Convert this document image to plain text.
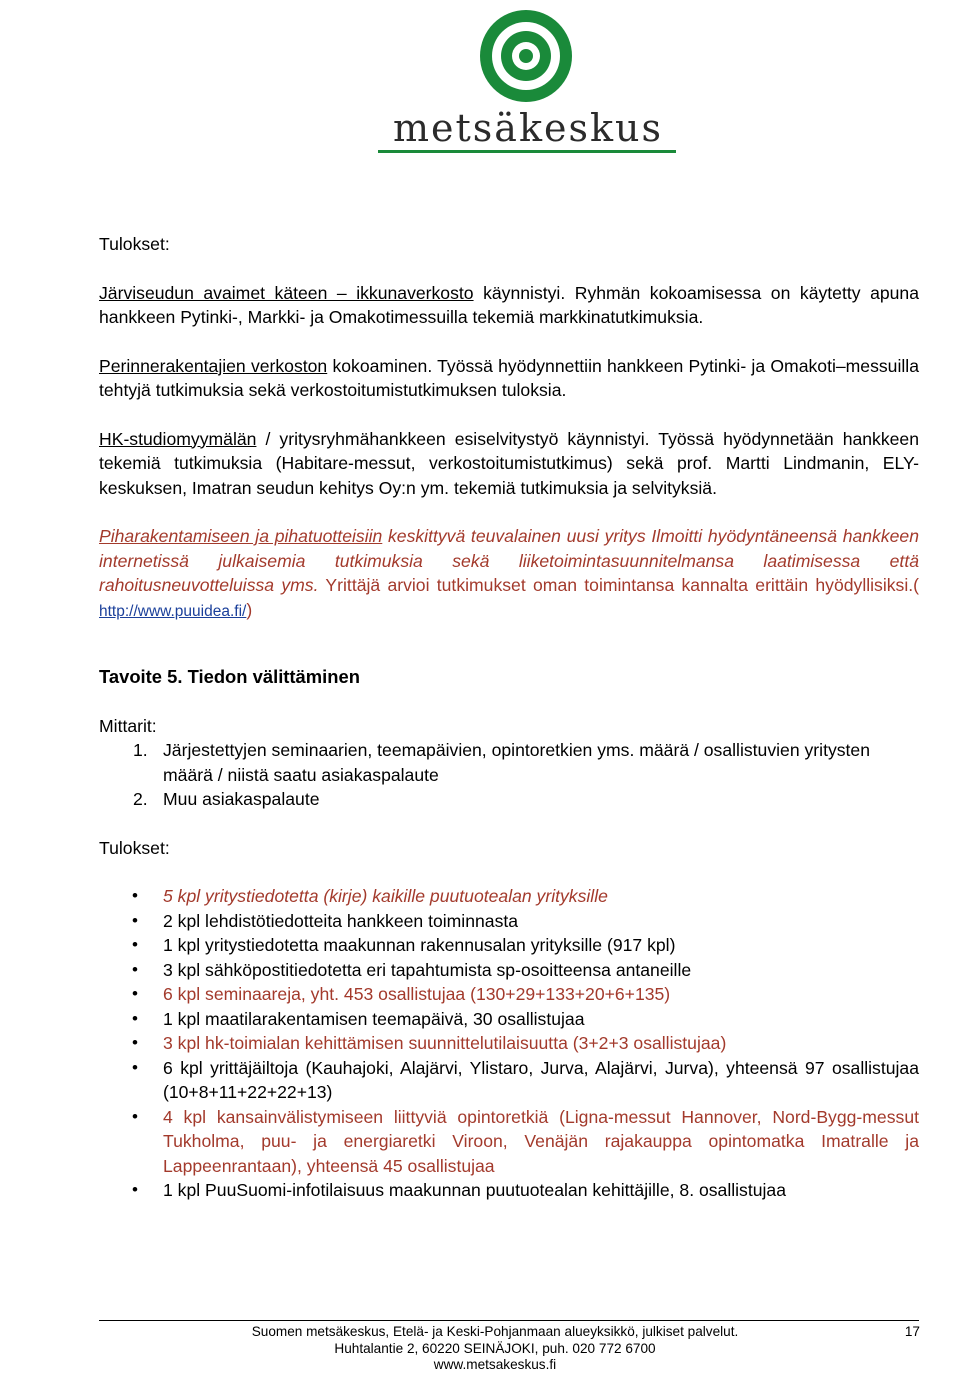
metsäkeskus

Tulokset:

Järviseudun avaimet käteen – ikkunaverkosto käynnistyi. Ryhmän kokoamisessa on käytetty apuna hankkeen Pytinki-, Markki- ja Omakotimessuilla tekemiä markkinatutkimuksia.

Perinnerakentajien verkoston kokoaminen. Työssä hyödynnettiin hankkeen Pytinki- ja Omakoti–messuilla tehtyjä tutkimuksia sekä verkostoitumistutkimuksen tuloksia.

HK-studiomyymälän / yritysryhmähankkeen esiselvitystyö käynnistyi. Työssä hyödynnetään hankkeen tekemiä tutkimuksia (Habitare-messut, verkostoitumistutkimus) sekä prof. Martti Lindmanin, ELY-keskuksen, Imatran seudun kehitys Oy:n ym. tekemiä tutkimuksia ja selvityksiä.

Piharakentamiseen ja pihatuotteisiin keskittyvä teuvalainen uusi yritys Ilmoitti hyödyntäneensä hankkeen internetissä julkaisemia tutkimuksia sekä liiketoimintasuunnitelmansa laatimisessa että rahoitusneuvotteluissa yms. Yrittäjä arvioi tutkimukset oman toimintansa kannalta erittäin hyödyllisiksi.( http://www.puuidea.fi/)

Tavoite 5. Tiedon välittäminen

Mittarit:

1. Järjestettyjen seminaarien, teemapäivien, opintoretkien yms. määrä / osallistuvien yritysten määrä / niistä saatu asiakaspalaute
2. Muu asiakaspalaute

Tulokset:

• 5 kpl yritystiedotetta (kirje) kaikille puutuotealan yrityksille
• 2 kpl lehdistötiedotteita hankkeen toiminnasta
• 1 kpl yritystiedotetta maakunnan rakennusalan yrityksille (917 kpl)
• 3 kpl sähköpostitiedotetta eri tapahtumista sp-osoitteensa antaneille
• 6 kpl seminaareja, yht. 453 osallistujaa (130+29+133+20+6+135)
• 1 kpl maatilarakentamisen teemapäivä, 30 osallistujaa
• 3 kpl hk-toimialan kehittämisen suunnittelutilaisuutta (3+2+3 osallistujaa)
• 6 kpl yrittäjäiltoja (Kauhajoki, Alajärvi, Ylistaro, Jurva, Alajärvi, Jurva), yhteensä 97 osallistujaa (10+8+11+22+22+13)
• 4 kpl kansainvälistymiseen liittyviä opintoretkiä (Ligna-messut Hannover, Nord-Bygg-messut Tukholma, puu- ja energiaretki Viroon, Venäjän rajakauppa opintomatka Imatralle ja Lappeenrantaan), yhteensä 45 osallistujaa
• 1 kpl PuuSuomi-infotilaisuus maakunnan puutuotealan kehittäjille, 8. osallistujaa
Suomen metsäkeskus, Etelä- ja Keski-Pohjanmaan alueyksikkö, julkiset palvelut.
Huhtalantie 2, 60220 SEINÄJOKI, puh. 020 772 6700
www.metsakeskus.fi
17
